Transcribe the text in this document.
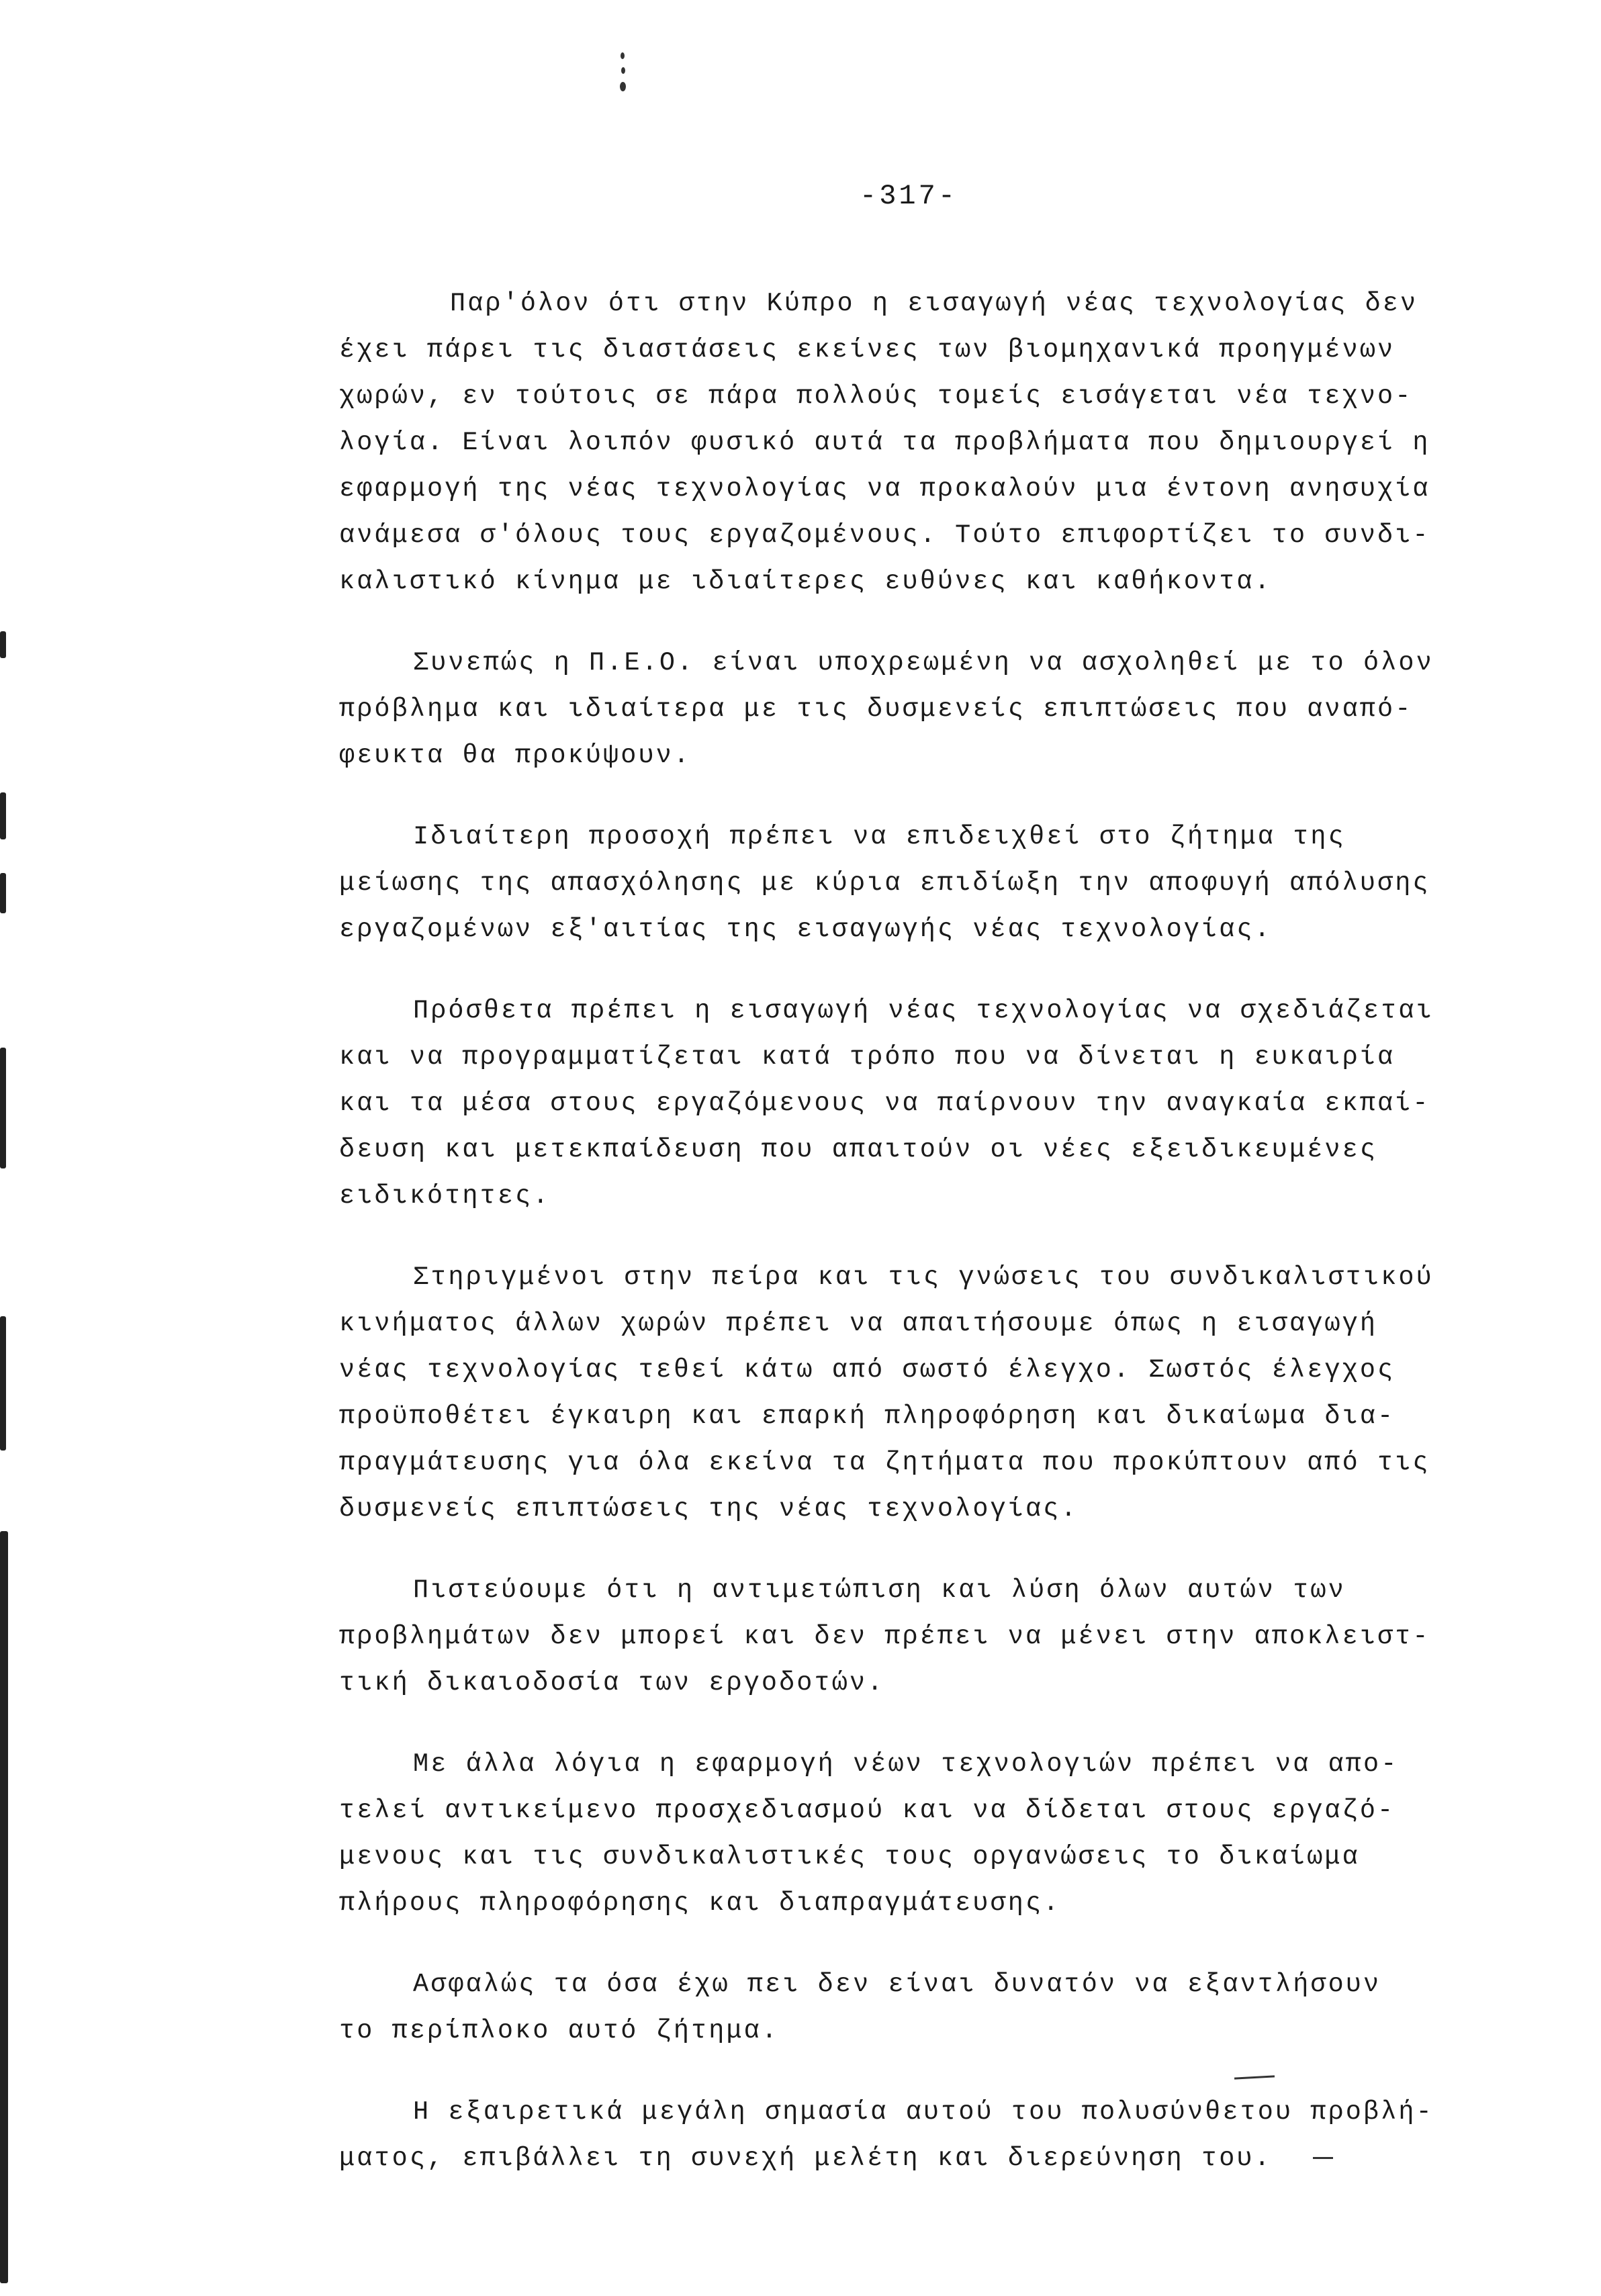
-317-
Παρ'όλον ότι στην Κύπρο η εισαγωγή νέας τεχνολογίας δεν
έχει πάρει τις διαστάσεις εκείνες των βιομηχανικά προηγμένων
χωρών, εν τούτοις σε πάρα πολλούς τομείς εισάγεται νέα τεχνο-
λογία. Είναι λοιπόν φυσικό αυτά τα προβλήματα που δημιουργεί η
εφαρμογή της νέας τεχνολογίας να προκαλούν μια έντονη ανησυχία
ανάμεσα σ'όλους τους εργαζομένους. Τούτο επιφορτίζει το συνδι-
καλιστικό κίνημα με ιδιαίτερες ευθύνες και καθήκοντα.
Συνεπώς η Π.Ε.Ο. είναι υποχρεωμένη να ασχοληθεί με το όλον
πρόβλημα και ιδιαίτερα με τις δυσμενείς επιπτώσεις που αναπό-
φευκτα θα προκύψουν.
Ιδιαίτερη προσοχή πρέπει να επιδειχθεί στο ζήτημα της
μείωσης της απασχόλησης με κύρια επιδίωξη την αποφυγή απόλυσης
εργαζομένων εξ'αιτίας της εισαγωγής νέας τεχνολογίας.
Πρόσθετα πρέπει η εισαγωγή νέας τεχνολογίας να σχεδιάζεται
και να προγραμματίζεται κατά τρόπο που να δίνεται η ευκαιρία
και τα μέσα στους εργαζόμενους να παίρνουν την αναγκαία εκπαί-
δευση και μετεκπαίδευση που απαιτούν οι νέες εξειδικευμένες
ειδικότητες.
Στηριγμένοι στην πείρα και τις γνώσεις του συνδικαλιστικού
κινήματος άλλων χωρών πρέπει να απαιτήσουμε όπως η εισαγωγή
νέας τεχνολογίας τεθεί κάτω από σωστό έλεγχο. Σωστός έλεγχος
προϋποθέτει έγκαιρη και επαρκή πληροφόρηση και δικαίωμα δια-
πραγμάτευσης για όλα εκείνα τα ζητήματα που προκύπτουν από τις
δυσμενείς επιπτώσεις της νέας τεχνολογίας.
Πιστεύουμε ότι η αντιμετώπιση και λύση όλων αυτών των
προβλημάτων δεν μπορεί και δεν πρέπει να μένει στην αποκλειστ-
τική δικαιοδοσία των εργοδοτών.
Με άλλα λόγια η εφαρμογή νέων τεχνολογιών πρέπει να απο-
τελεί αντικείμενο προσχεδιασμού και να δίδεται στους εργαζό-
μενους και τις συνδικαλιστικές τους οργανώσεις το δικαίωμα
πλήρους πληροφόρησης και διαπραγμάτευσης.
Ασφαλώς τα όσα έχω πει δεν είναι δυνατόν να εξαντλήσουν
το περίπλοκο αυτό ζήτημα.
Η εξαιρετικά μεγάλη σημασία αυτού του πολυσύνθετου προβλή-
ματος, επιβάλλει τη συνεχή μελέτη και διερεύνηση του.
